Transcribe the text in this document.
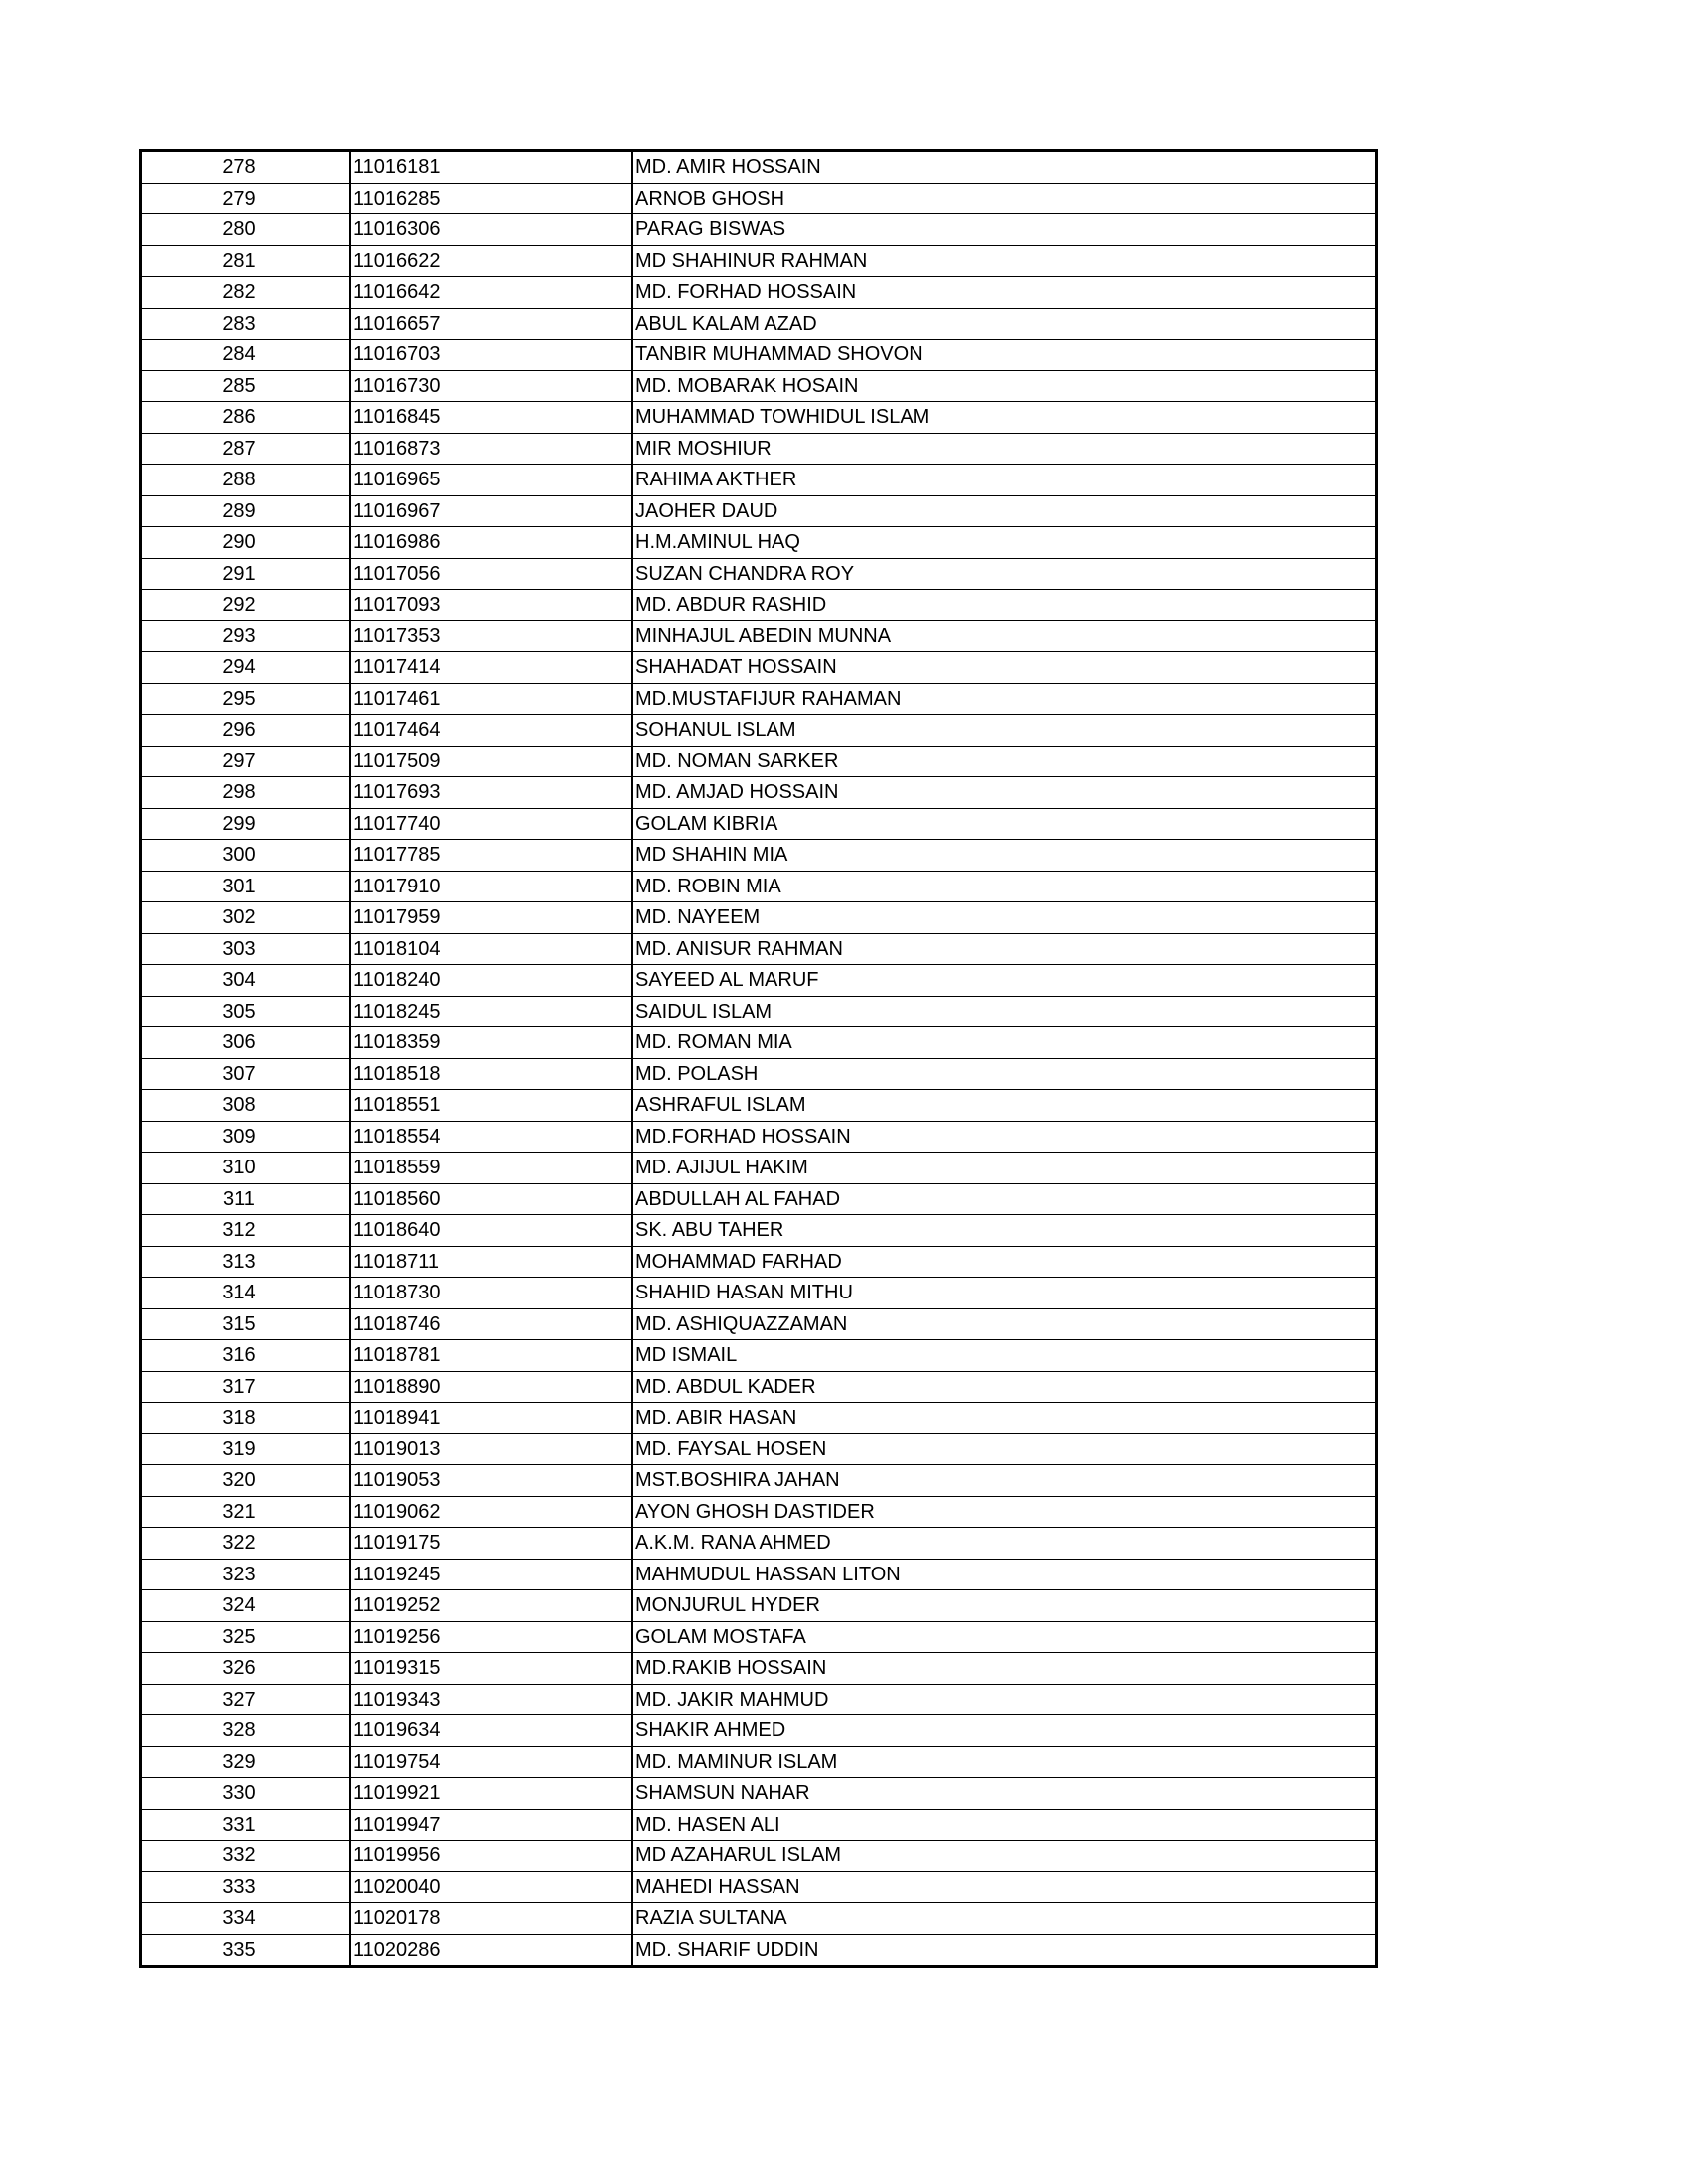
278	11016181	MD. AMIR HOSSAIN
279	11016285	ARNOB GHOSH
280	11016306	PARAG BISWAS
281	11016622	MD SHAHINUR RAHMAN
282	11016642	MD. FORHAD HOSSAIN
283	11016657	ABUL KALAM AZAD
284	11016703	TANBIR MUHAMMAD SHOVON
285	11016730	MD. MOBARAK HOSAIN
286	11016845	MUHAMMAD TOWHIDUL ISLAM
287	11016873	MIR MOSHIUR
288	11016965	RAHIMA AKTHER
289	11016967	JAOHER DAUD
290	11016986	H.M.AMINUL HAQ
291	11017056	SUZAN CHANDRA ROY
292	11017093	MD. ABDUR RASHID
293	11017353	MINHAJUL ABEDIN MUNNA
294	11017414	SHAHADAT HOSSAIN
295	11017461	MD.MUSTAFIJUR RAHAMAN
296	11017464	SOHANUL ISLAM
297	11017509	MD. NOMAN SARKER
298	11017693	MD. AMJAD HOSSAIN
299	11017740	GOLAM KIBRIA
300	11017785	MD SHAHIN MIA
301	11017910	MD. ROBIN MIA
302	11017959	MD. NAYEEM
303	11018104	MD. ANISUR RAHMAN
304	11018240	SAYEED AL MARUF
305	11018245	SAIDUL ISLAM
306	11018359	MD. ROMAN MIA
307	11018518	MD. POLASH
308	11018551	ASHRAFUL ISLAM
309	11018554	MD.FORHAD HOSSAIN
310	11018559	MD. AJIJUL HAKIM
311	11018560	ABDULLAH AL FAHAD
312	11018640	SK. ABU TAHER
313	11018711	MOHAMMAD FARHAD
314	11018730	SHAHID HASAN MITHU
315	11018746	MD. ASHIQUAZZAMAN
316	11018781	MD ISMAIL
317	11018890	MD. ABDUL KADER
318	11018941	MD. ABIR HASAN
319	11019013	MD. FAYSAL HOSEN
320	11019053	MST.BOSHIRA JAHAN
321	11019062	AYON GHOSH DASTIDER
322	11019175	A.K.M. RANA AHMED
323	11019245	MAHMUDUL HASSAN LITON
324	11019252	MONJURUL HYDER
325	11019256	GOLAM MOSTAFA
326	11019315	MD.RAKIB HOSSAIN
327	11019343	MD. JAKIR MAHMUD
328	11019634	SHAKIR AHMED
329	11019754	MD. MAMINUR ISLAM
330	11019921	SHAMSUN NAHAR
331	11019947	MD. HASEN ALI
332	11019956	MD AZAHARUL ISLAM
333	11020040	MAHEDI HASSAN
334	11020178	RAZIA SULTANA
335	11020286	MD. SHARIF UDDIN
